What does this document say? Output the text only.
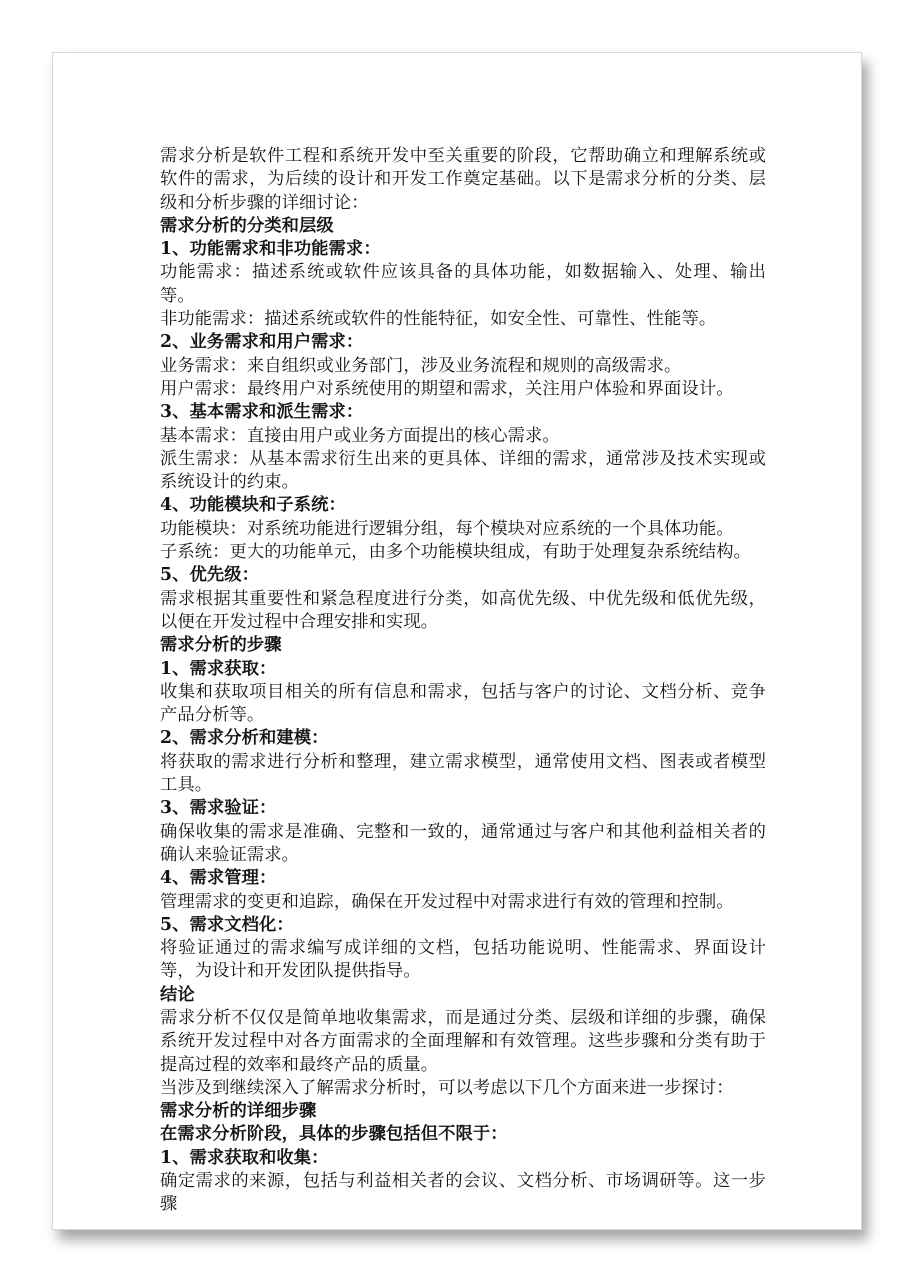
需求分析是软件工程和系统开发中至关重要的阶段，它帮助确立和理解系统或软件的需求，为后续的设计和开发工作奠定基础。以下是需求分析的分类、层级和分析步骤的详细讨论：
需求分析的分类和层级
1、功能需求和非功能需求：
功能需求：描述系统或软件应该具备的具体功能，如数据输入、处理、输出等。
非功能需求：描述系统或软件的性能特征，如安全性、可靠性、性能等。
2、业务需求和用户需求：
业务需求：来自组织或业务部门，涉及业务流程和规则的高级需求。
用户需求：最终用户对系统使用的期望和需求，关注用户体验和界面设计。
3、基本需求和派生需求：
基本需求：直接由用户或业务方面提出的核心需求。
派生需求：从基本需求衍生出来的更具体、详细的需求，通常涉及技术实现或系统设计的约束。
4、功能模块和子系统：
功能模块：对系统功能进行逻辑分组，每个模块对应系统的一个具体功能。
子系统：更大的功能单元，由多个功能模块组成，有助于处理复杂系统结构。
5、优先级：
需求根据其重要性和紧急程度进行分类，如高优先级、中优先级和低优先级，以便在开发过程中合理安排和实现。
需求分析的步骤
1、需求获取：
收集和获取项目相关的所有信息和需求，包括与客户的讨论、文档分析、竞争产品分析等。
2、需求分析和建模：
将获取的需求进行分析和整理，建立需求模型，通常使用文档、图表或者模型工具。
3、需求验证：
确保收集的需求是准确、完整和一致的，通常通过与客户和其他利益相关者的确认来验证需求。
4、需求管理：
管理需求的变更和追踪，确保在开发过程中对需求进行有效的管理和控制。
5、需求文档化：
将验证通过的需求编写成详细的文档，包括功能说明、性能需求、界面设计等，为设计和开发团队提供指导。
结论
需求分析不仅仅是简单地收集需求，而是通过分类、层级和详细的步骤，确保系统开发过程中对各方面需求的全面理解和有效管理。这些步骤和分类有助于提高过程的效率和最终产品的质量。
当涉及到继续深入了解需求分析时，可以考虑以下几个方面来进一步探讨：
需求分析的详细步骤
在需求分析阶段，具体的步骤包括但不限于：
1、需求获取和收集：
确定需求的来源，包括与利益相关者的会议、文档分析、市场调研等。这一步骤
